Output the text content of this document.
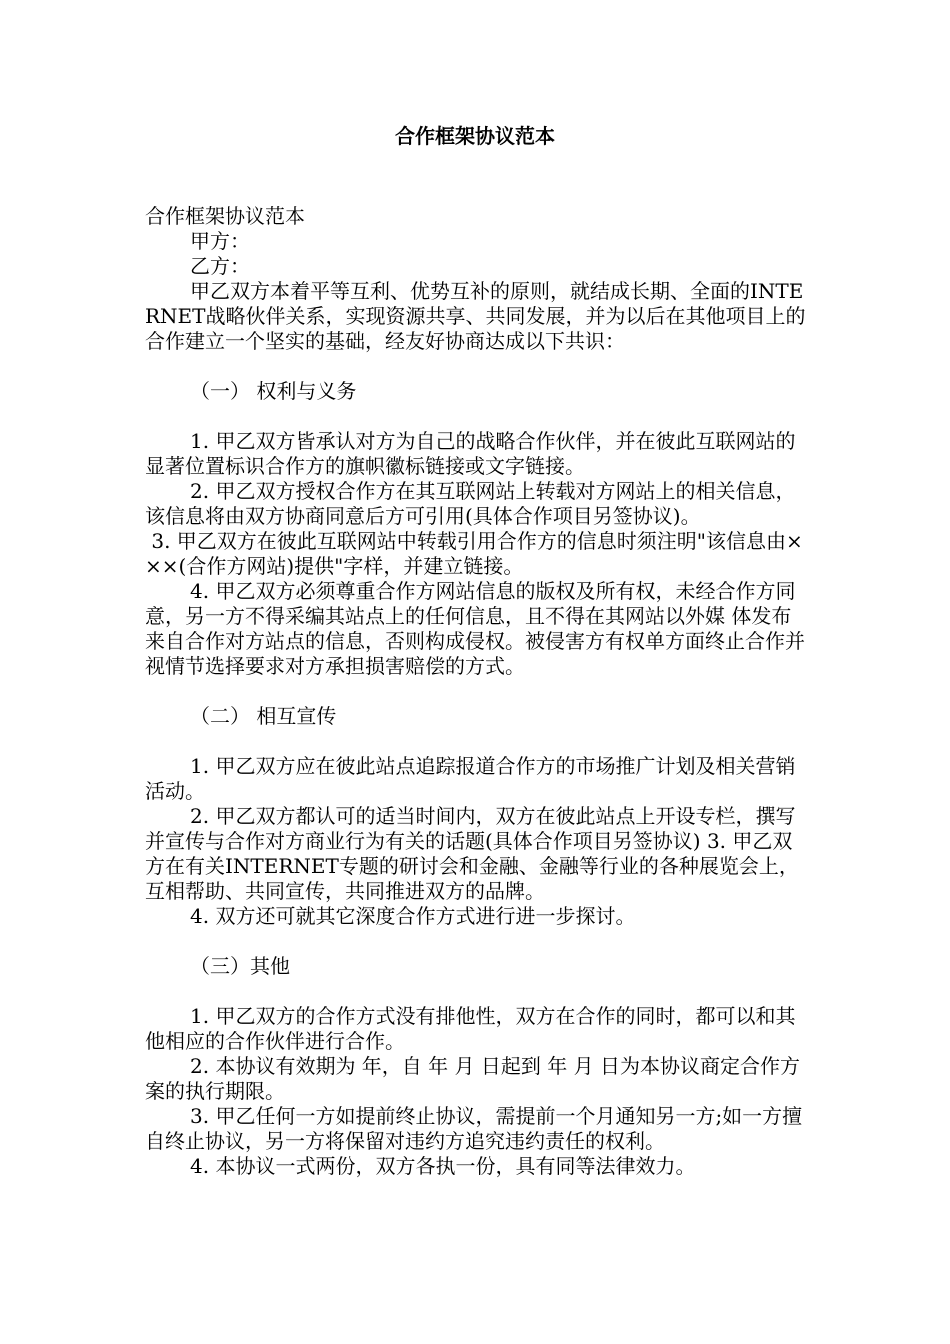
合作框架协议范本

合作框架协议范本

甲方：

乙方：

甲乙双方本着平等互利、优势互补的原则，就结成长期、全面的INTERNET战略伙伴关系，实现资源共享、共同发展，并为以后在其他项目上的合作建立一个坚实的基础，经友好协商达成以下共识：

（一） 权利与义务

1. 甲乙双方皆承认对方为自己的战略合作伙伴，并在彼此互联网站的显著位置标识合作方的旗帜徽标链接或文字链接。

2. 甲乙双方授权合作方在其互联网站上转载对方网站上的相关信息，该信息将由双方协商同意后方可引用(具体合作项目另签协议)。

3. 甲乙双方在彼此互联网站中转载引用合作方的信息时须注明"该信息由×××(合作方网站)提供"字样，并建立链接。

4. 甲乙双方必须尊重合作方网站信息的版权及所有权，未经合作方同意，另一方不得采编其站点上的任何信息，且不得在其网站以外媒 体发布来自合作对方站点的信息，否则构成侵权。被侵害方有权单方面终止合作并视情节选择要求对方承担损害赔偿的方式。

（二） 相互宣传

1. 甲乙双方应在彼此站点追踪报道合作方的市场推广计划及相关营销活动。

2. 甲乙双方都认可的适当时间内，双方在彼此站点上开设专栏，撰写并宣传与合作对方商业行为有关的话题(具体合作项目另签协议) 3. 甲乙双方在有关INTERNET专题的研讨会和金融、金融等行业的各种展览会上，互相帮助、共同宣传，共同推进双方的品牌。

4. 双方还可就其它深度合作方式进行进一步探讨。

（三）其他

1. 甲乙双方的合作方式没有排他性，双方在合作的同时，都可以和其他相应的合作伙伴进行合作。

2. 本协议有效期为 年，自 年 月 日起到 年 月 日为本协议商定合作方案的执行期限。

3. 甲乙任何一方如提前终止协议，需提前一个月通知另一方;如一方擅自终止协议，另一方将保留对违约方追究违约责任的权利。

4. 本协议一式两份，双方各执一份，具有同等法律效力。
